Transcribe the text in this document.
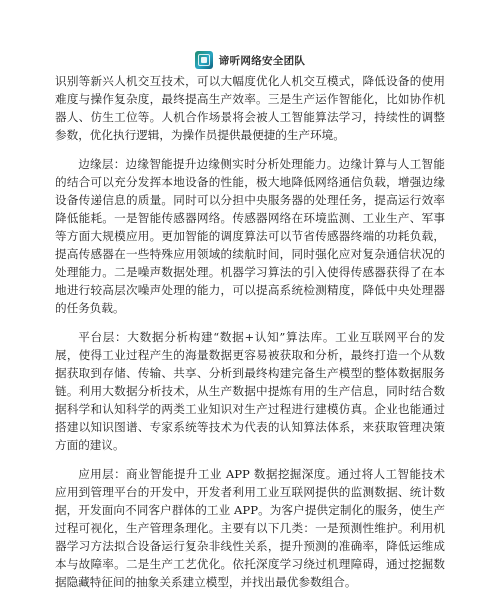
谛听网络安全团队

识别等新兴人机交互技术，可以大幅度优化人机交互模式，降低设备的使用难度与操作复杂度，最终提高生产效率。三是生产运作智能化，比如协作机器人、仿生工位等。人机合作场景将会被人工智能算法学习，持续性的调整参数，优化执行逻辑，为操作员提供最便捷的生产环境。

边缘层：边缘智能提升边缘侧实时分析处理能力。边缘计算与人工智能的结合可以充分发挥本地设备的性能，极大地降低网络通信负载，增强边缘设备传递信息的质量。同时可以分担中央服务器的处理任务，提高运行效率降低能耗。一是智能传感器网络。传感器网络在环境监测、工业生产、军事等方面大规模应用。更加智能的调度算法可以节省传感器终端的功耗负载，提高传感器在一些特殊应用领域的续航时间，同时强化应对复杂通信状况的处理能力。二是噪声数据处理。机器学习算法的引入使得传感器获得了在本地进行较高层次噪声处理的能力，可以提高系统检测精度，降低中央处理器的任务负载。

平台层：大数据分析构建“数据+认知”算法库。工业互联网平台的发展，使得工业过程产生的海量数据更容易被获取和分析，最终打造一个从数据获取到存储、传输、共享、分析到最终构建完备生产模型的整体数据服务链。利用大数据分析技术，从生产数据中提炼有用的生产信息，同时结合数据科学和认知科学的两类工业知识对生产过程进行建模仿真。企业也能通过搭建以知识图谱、专家系统等技术为代表的认知算法体系，来获取管理决策方面的建议。

应用层：商业智能提升工业 APP 数据挖掘深度。通过将人工智能技术应用到管理平台的开发中，开发者利用工业互联网提供的监测数据、统计数据，开发面向不同客户群体的工业 APP。为客户提供定制化的服务，使生产过程可视化，生产管理条理化。主要有以下几类：一是预测性维护。利用机器学习方法拟合设备运行复杂非线性关系，提升预测的准确率，降低运维成本与故障率。二是生产工艺优化。依托深度学习绕过机理障碍，通过挖掘数据隐藏特征间的抽象关系建立模型，并找出最优参数组合。
